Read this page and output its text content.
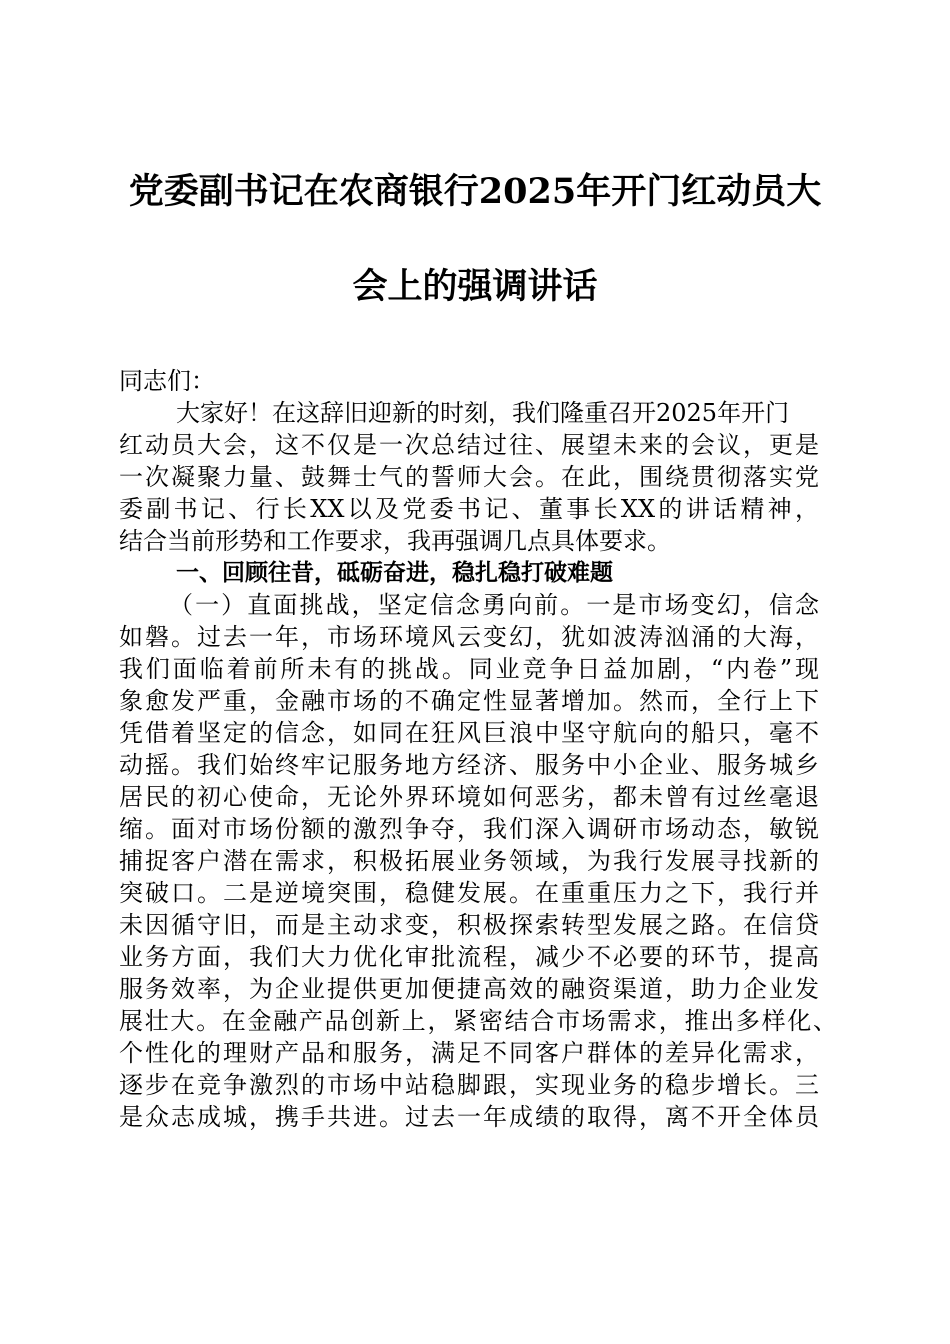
党委副书记在农商银行2025年开门红动员大
会上的强调讲话

同志们：

大家好！在这辞旧迎新的时刻，我们隆重召开2025年开门

红动员大会，这不仅是一次总结过往、展望未来的会议，更是

一次凝聚力量、鼓舞士气的誓师大会。在此，围绕贯彻落实党

委副书记、行长XX以及党委书记、董事长XX的讲话精神，

结合当前形势和工作要求，我再强调几点具体要求。

一、回顾往昔，砥砺奋进，稳扎稳打破难题

（一）直面挑战，坚定信念勇向前。一是市场变幻，信念

如磐。过去一年，市场环境风云变幻，犹如波涛汹涌的大海，

我们面临着前所未有的挑战。同业竞争日益加剧，“内卷”现

象愈发严重，金融市场的不确定性显著增加。然而，全行上下

凭借着坚定的信念，如同在狂风巨浪中坚守航向的船只，毫不

动摇。我们始终牢记服务地方经济、服务中小企业、服务城乡

居民的初心使命，无论外界环境如何恶劣，都未曾有过丝毫退

缩。面对市场份额的激烈争夺，我们深入调研市场动态，敏锐

捕捉客户潜在需求，积极拓展业务领域，为我行发展寻找新的

突破口。二是逆境突围，稳健发展。在重重压力之下，我行并

未因循守旧，而是主动求变，积极探索转型发展之路。在信贷

业务方面，我们大力优化审批流程，减少不必要的环节，提高

服务效率，为企业提供更加便捷高效的融资渠道，助力企业发

展壮大。在金融产品创新上，紧密结合市场需求，推出多样化、

个性化的理财产品和服务，满足不同客户群体的差异化需求，

逐步在竞争激烈的市场中站稳脚跟，实现业务的稳步增长。三

是众志成城，携手共进。过去一年成绩的取得，离不开全体员
